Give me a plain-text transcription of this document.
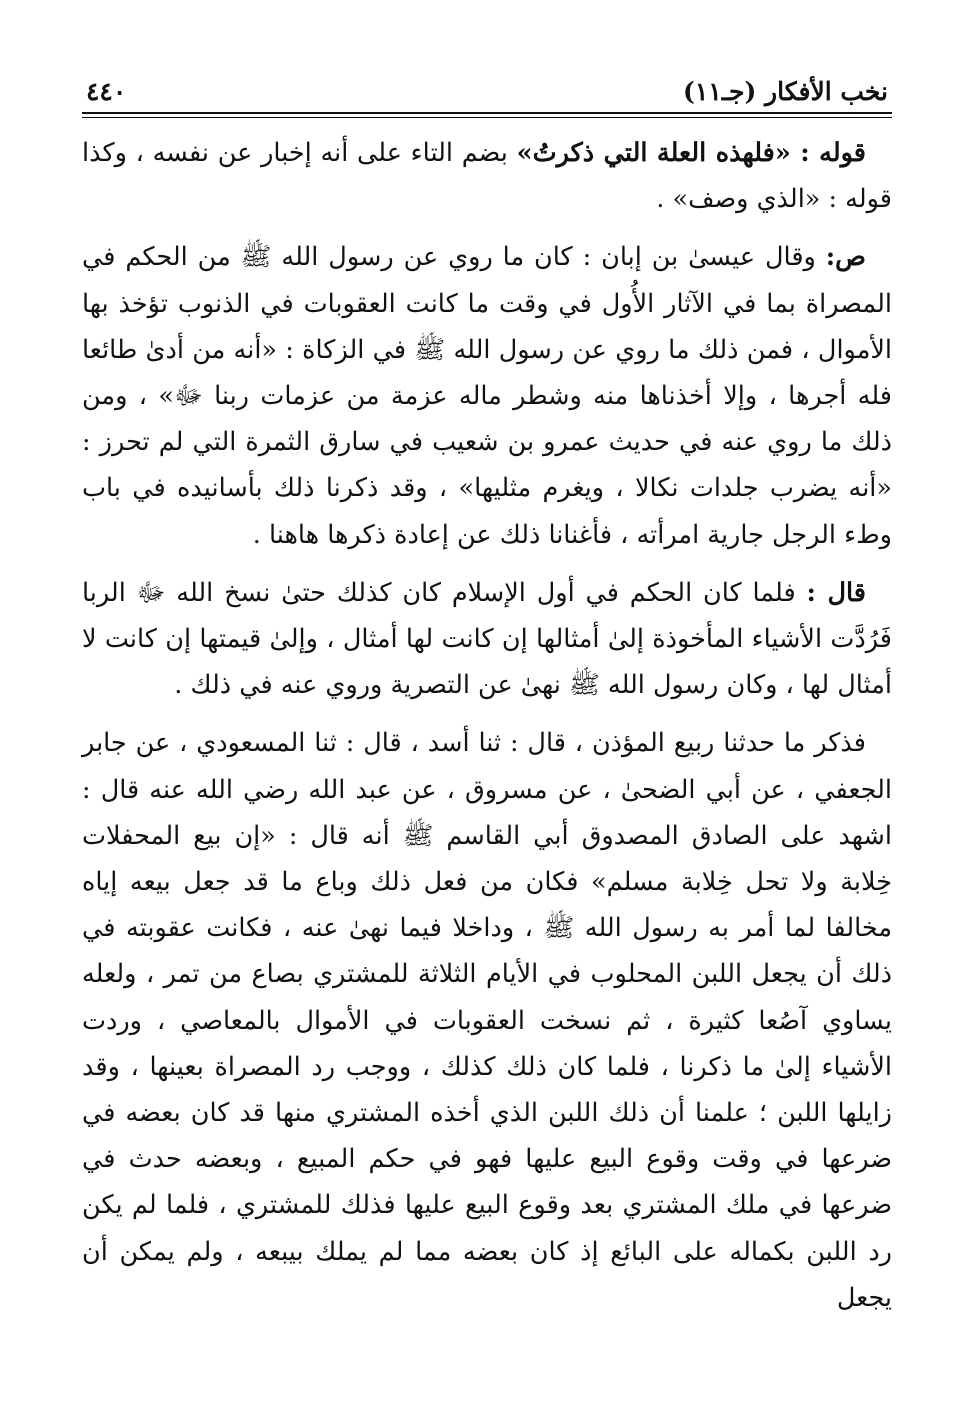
نخب الأفكار (جـ١١)
٤٤٠

قوله : «فلهذه العلة التي ذكرتُ» بضم التاء على أنه إخبار عن نفسه ، وكذا قوله : «الذي وصف» .

ص: وقال عيسىٰ بن إبان : كان ما روي عن رسول الله ﷺ من الحكم في المصراة بما في الآثار الأُول في وقت ما كانت العقوبات في الذنوب تؤخذ بها الأموال ، فمن ذلك ما روي عن رسول الله ﷺ في الزكاة : «أنه من أدىٰ طائعا فله أجرها ، وإلا أخذناها منه وشطر ماله عزمة من عزمات ربنا ﷻ» ، ومن ذلك ما روي عنه في حديث عمرو بن شعيب في سارق الثمرة التي لم تحرز : «أنه يضرب جلدات نكالا ، ويغرم مثليها» ، وقد ذكرنا ذلك بأسانيده في باب وطء الرجل جارية امرأته ، فأغنانا ذلك عن إعادة ذكرها هاهنا .

قال : فلما كان الحكم في أول الإسلام كان كذلك حتىٰ نسخ الله ﷻ الربا فَرُدَّت الأشياء المأخوذة إلىٰ أمثالها إن كانت لها أمثال ، وإلىٰ قيمتها إن كانت لا أمثال لها ، وكان رسول الله ﷺ نهىٰ عن التصرية وروي عنه في ذلك .

فذكر ما حدثنا ربيع المؤذن ، قال : ثنا أسد ، قال : ثنا المسعودي ، عن جابر الجعفي ، عن أبي الضحىٰ ، عن مسروق ، عن عبد الله رضي الله عنه قال : اشهد على الصادق المصدوق أبي القاسم ﷺ أنه قال : «إن بيع المحفلات خِلابة ولا تحل خِلابة مسلم» فكان من فعل ذلك وباع ما قد جعل بيعه إياه مخالفا لما أمر به رسول الله ﷺ ، وداخلا فيما نهىٰ عنه ، فكانت عقوبته في ذلك أن يجعل اللبن المحلوب في الأيام الثلاثة للمشتري بصاع من تمر ، ولعله يساوي آصُعا كثيرة ، ثم نسخت العقوبات في الأموال بالمعاصي ، وردت الأشياء إلىٰ ما ذكرنا ، فلما كان ذلك كذلك ، ووجب رد المصراة بعينها ، وقد زايلها اللبن ؛ علمنا أن ذلك اللبن الذي أخذه المشتري منها قد كان بعضه في ضرعها في وقت وقوع البيع عليها فهو في حكم المبيع ، وبعضه حدث في ضرعها في ملك المشتري بعد وقوع البيع عليها فذلك للمشتري ، فلما لم يكن رد اللبن بكماله على البائع إذ كان بعضه مما لم يملك بيبعه ، ولم يمكن أن يجعل
